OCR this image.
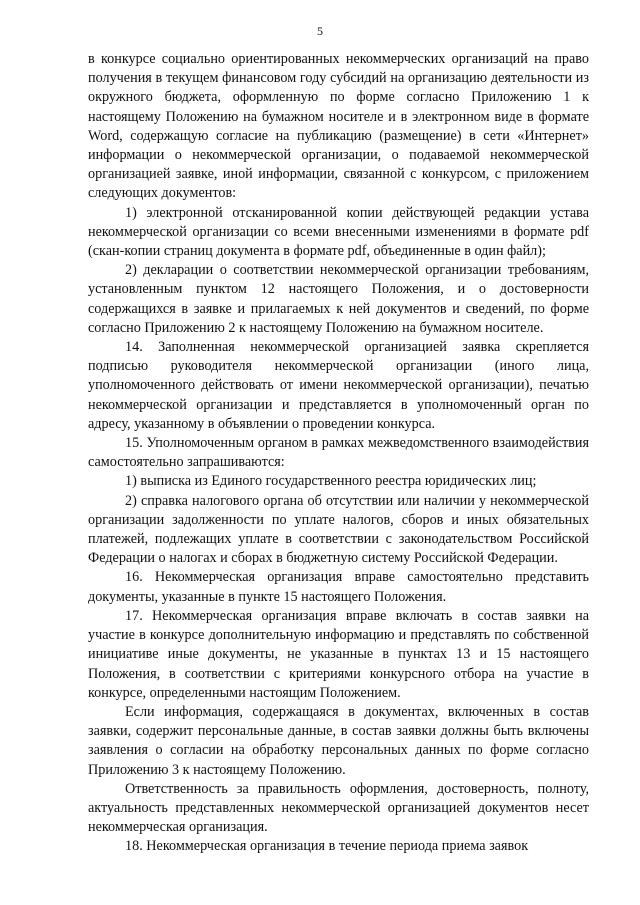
5

в конкурсе социально ориентированных некоммерческих организаций на право получения в текущем финансовом году субсидий на организацию деятельности из окружного бюджета, оформленную по форме согласно Приложению 1 к настоящему Положению на бумажном носителе и в электронном виде в формате Word, содержащую согласие на публикацию (размещение) в сети «Интернет» информации о некоммерческой организации, о подаваемой некоммерческой организацией заявке, иной информации, связанной с конкурсом, с приложением следующих документов:

1) электронной отсканированной копии действующей редакции устава некоммерческой организации со всеми внесенными изменениями в формате pdf (скан-копии страниц документа в формате pdf, объединенные в один файл);

2) декларации о соответствии некоммерческой организации требованиям, установленным пунктом 12 настоящего Положения, и о достоверности содержащихся в заявке и прилагаемых к ней документов и сведений, по форме согласно Приложению 2 к настоящему Положению на бумажном носителе.

14. Заполненная некоммерческой организацией заявка скрепляется подписью руководителя некоммерческой организации (иного лица, уполномоченного действовать от имени некоммерческой организации), печатью некоммерческой организации и представляется в уполномоченный орган по адресу, указанному в объявлении о проведении конкурса.

15. Уполномоченным органом в рамках межведомственного взаимодействия самостоятельно запрашиваются:

1) выписка из Единого государственного реестра юридических лиц;

2) справка налогового органа об отсутствии или наличии у некоммерческой организации задолженности по уплате налогов, сборов и иных обязательных платежей, подлежащих уплате в соответствии с законодательством Российской Федерации о налогах и сборах в бюджетную систему Российской Федерации.

16. Некоммерческая организация вправе самостоятельно представить документы, указанные в пункте 15 настоящего Положения.

17. Некоммерческая организация вправе включать в состав заявки на участие в конкурсе дополнительную информацию и представлять по собственной инициативе иные документы, не указанные в пунктах 13 и 15 настоящего Положения, в соответствии с критериями конкурсного отбора на участие в конкурсе, определенными настоящим Положением.

Если информация, содержащаяся в документах, включенных в состав заявки, содержит персональные данные, в состав заявки должны быть включены заявления о согласии на обработку персональных данных по форме согласно Приложению 3 к настоящему Положению.

Ответственность за правильность оформления, достоверность, полноту, актуальность представленных некоммерческой организацией документов несет некоммерческая организация.

18. Некоммерческая организация в течение периода приема заявок
